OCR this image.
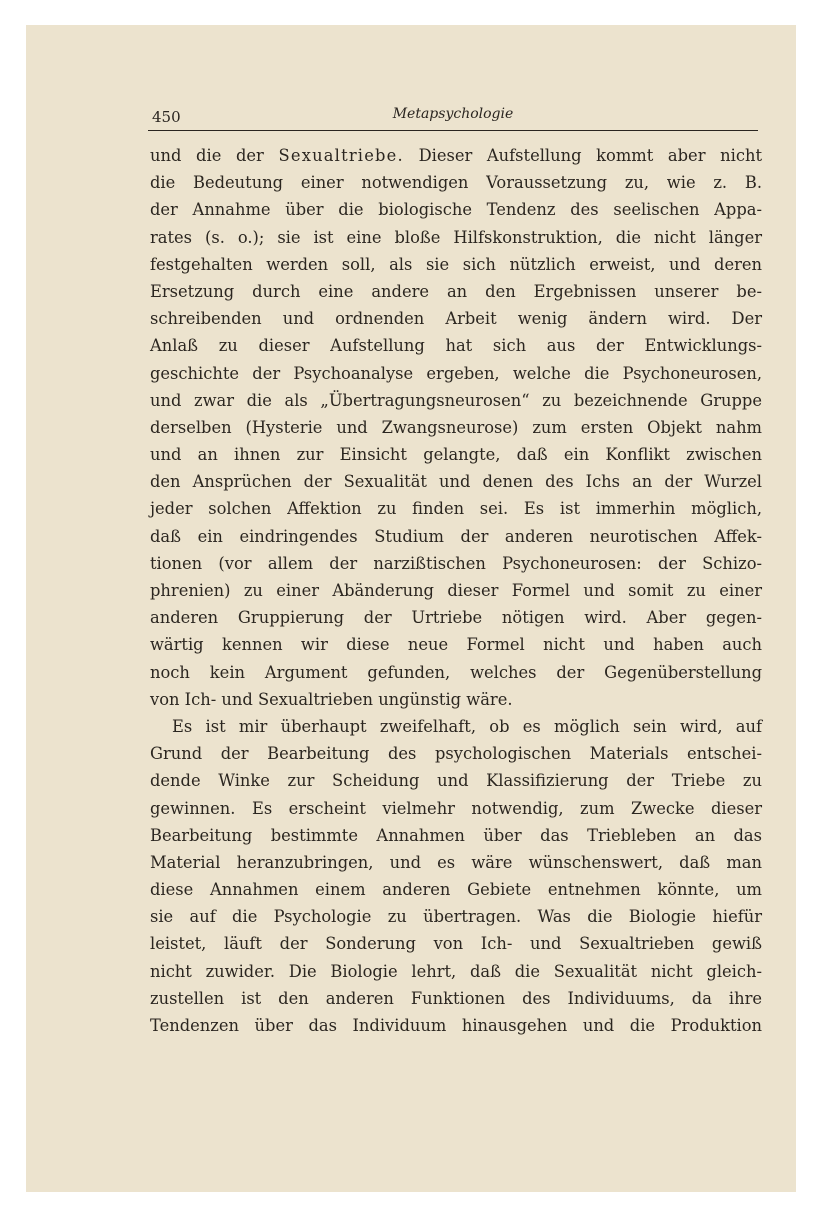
450	Metapsychologie
und die der Sexualtriebe. Dieser Aufstellung kommt aber nicht
die Bedeutung einer notwendigen Voraussetzung zu, wie z. B.
der Annahme über die biologische Tendenz des seelischen Appa-
rates (s. o.); sie ist eine bloße Hilfskonstruktion, die nicht länger
festgehalten werden soll, als sie sich nützlich erweist, und deren
Ersetzung durch eine andere an den Ergebnissen unserer be-
schreibenden und ordnenden Arbeit wenig ändern wird. Der
Anlaß zu dieser Aufstellung hat sich aus der Entwicklungs-
geschichte der Psychoanalyse ergeben, welche die Psychoneurosen,
und zwar die als „Übertragungsneurosen“ zu bezeichnende Gruppe
derselben (Hysterie und Zwangsneurose) zum ersten Objekt nahm
und an ihnen zur Einsicht gelangte, daß ein Konflikt zwischen
den Ansprüchen der Sexualität und denen des Ichs an der Wurzel
jeder solchen Affektion zu finden sei. Es ist immerhin möglich,
daß ein eindringendes Studium der anderen neurotischen Affek-
tionen (vor allem der narzißtischen Psychoneurosen: der Schizo-
phrenien) zu einer Abänderung dieser Formel und somit zu einer
anderen Gruppierung der Urtriebe nötigen wird. Aber gegen-
wärtig kennen wir diese neue Formel nicht und haben auch
noch kein Argument gefunden, welches der Gegenüberstellung
von Ich- und Sexualtrieben ungünstig wäre.
Es ist mir überhaupt zweifelhaft, ob es möglich sein wird, auf
Grund der Bearbeitung des psychologischen Materials entschei-
dende Winke zur Scheidung und Klassifizierung der Triebe zu
gewinnen. Es erscheint vielmehr notwendig, zum Zwecke dieser
Bearbeitung bestimmte Annahmen über das Triebleben an das
Material heranzubringen, und es wäre wünschenswert, daß man
diese Annahmen einem anderen Gebiete entnehmen könnte, um
sie auf die Psychologie zu übertragen. Was die Biologie hiefür
leistet, läuft der Sonderung von Ich- und Sexualtrieben gewiß
nicht zuwider. Die Biologie lehrt, daß die Sexualität nicht gleich-
zustellen ist den anderen Funktionen des Individuums, da ihre
Tendenzen über das Individuum hinausgehen und die Produktion
